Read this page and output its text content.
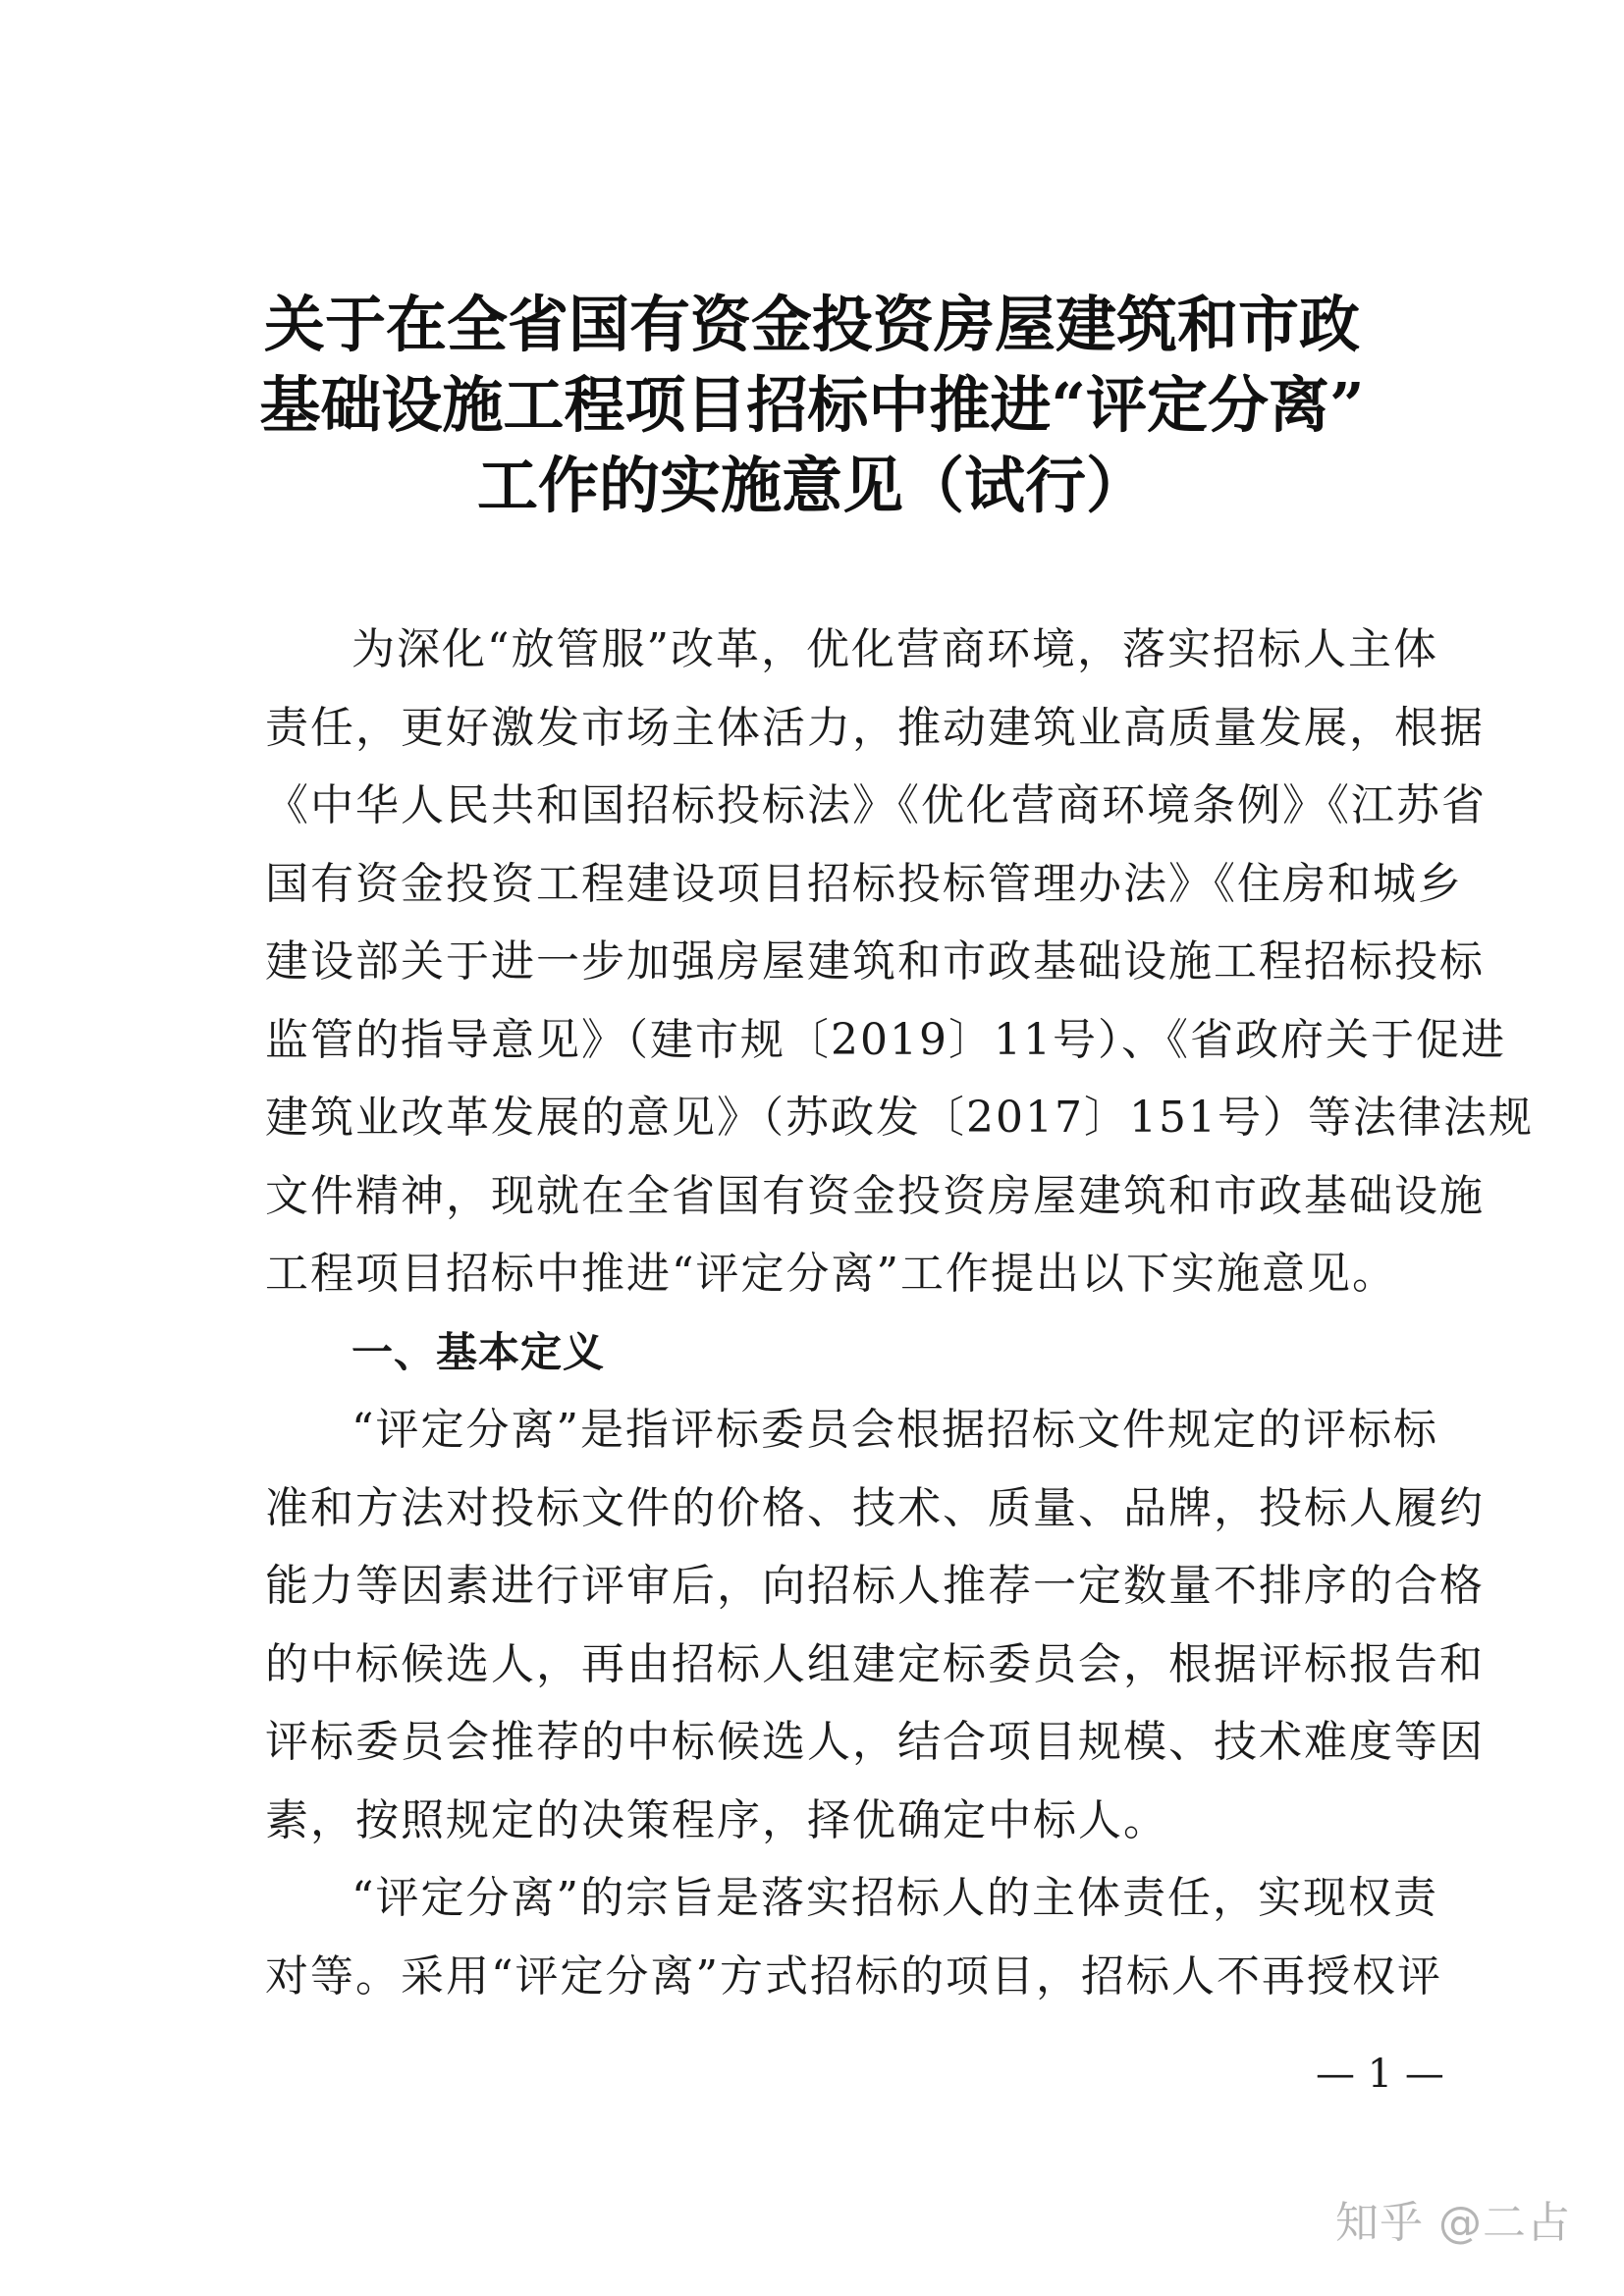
关于在全省国有资金投资房屋建筑和市政
基础设施工程项目招标中推进“评定分离”
工作的实施意见（试行）
为深化“放管服”改革，优化营商环境，落实招标人主体
责任，更好激发市场主体活力，推动建筑业高质量发展，根据
《中华人民共和国招标投标法》《优化营商环境条例》《江苏省
国有资金投资工程建设项目招标投标管理办法》《住房和城乡
建设部关于进一步加强房屋建筑和市政基础设施工程招标投标
监管的指导意见》（建市规〔2019〕11号）、《省政府关于促进
建筑业改革发展的意见》（苏政发〔2017〕151号）等法律法规
文件精神，现就在全省国有资金投资房屋建筑和市政基础设施
工程项目招标中推进“评定分离”工作提出以下实施意见。
一、基本定义
“评定分离”是指评标委员会根据招标文件规定的评标标
准和方法对投标文件的价格、技术、质量、品牌，投标人履约
能力等因素进行评审后，向招标人推荐一定数量不排序的合格
的中标候选人，再由招标人组建定标委员会，根据评标报告和
评标委员会推荐的中标候选人，结合项目规模、技术难度等因
素，按照规定的决策程序，择优确定中标人。
“评定分离”的宗旨是落实招标人的主体责任，实现权责
对等。采用“评定分离”方式招标的项目，招标人不再授权评
— 1 —
知乎 @二占
